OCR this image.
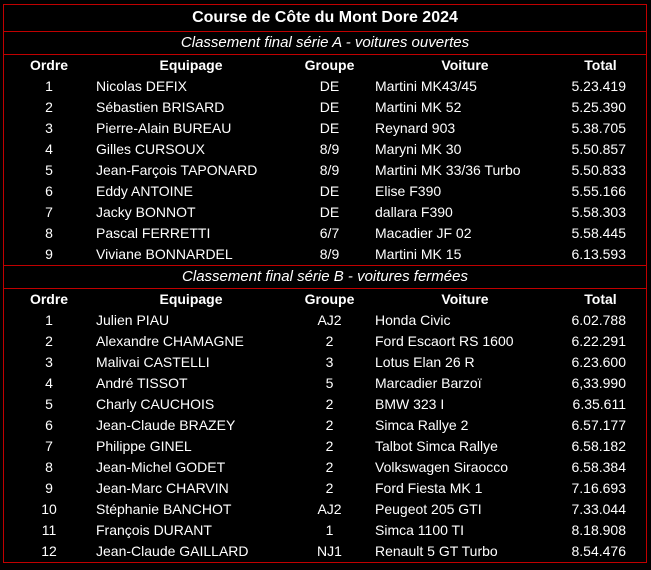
Course de Côte du Mont Dore 2024
Classement final série A - voitures ouvertes
Ordre	Equipage	Groupe	Voiture	Total
1	Nicolas DEFIX	DE	Martini MK43/45	5.23.419
2	Sébastien BRISARD	DE	Martini MK 52	5.25.390
3	Pierre-Alain BUREAU	DE	Reynard 903	5.38.705
4	Gilles CURSOUX	8/9	Maryni MK 30	5.50.857
5	Jean-Farçois TAPONARD	8/9	Martini MK 33/36 Turbo	5.50.833
6	Eddy ANTOINE	DE	Elise F390	5.55.166
7	Jacky BONNOT	DE	dallara F390	5.58.303
8	Pascal FERRETTI	6/7	Macadier JF 02	5.58.445
9	Viviane BONNARDEL	8/9	Martini MK 15	6.13.593
Classement final série B - voitures fermées
Ordre	Equipage	Groupe	Voiture	Total
1	Julien PIAU	AJ2	Honda Civic	6.02.788
2	Alexandre CHAMAGNE	2	Ford Escaort RS 1600	6.22.291
3	Malivai CASTELLI	3	Lotus Elan 26 R	6.23.600
4	André TISSOT	5	Marcadier Barzoï	6,33.990
5	Charly CAUCHOIS	2	BMW 323 I	6.35.611
6	Jean-Claude BRAZEY	2	Simca Rallye 2	6.57.177
7	Philippe GINEL	2	Talbot Simca Rallye	6.58.182
8	Jean-Michel GODET	2	Volkswagen Siraocco	6.58.384
9	Jean-Marc CHARVIN	2	Ford Fiesta MK 1	7.16.693
10	Stéphanie BANCHOT	AJ2	Peugeot 205 GTI	7.33.044
11	François DURANT	1	Simca 1100 TI	8.18.908
12	Jean-Claude GAILLARD	NJ1	Renault 5 GT Turbo	8.54.476
